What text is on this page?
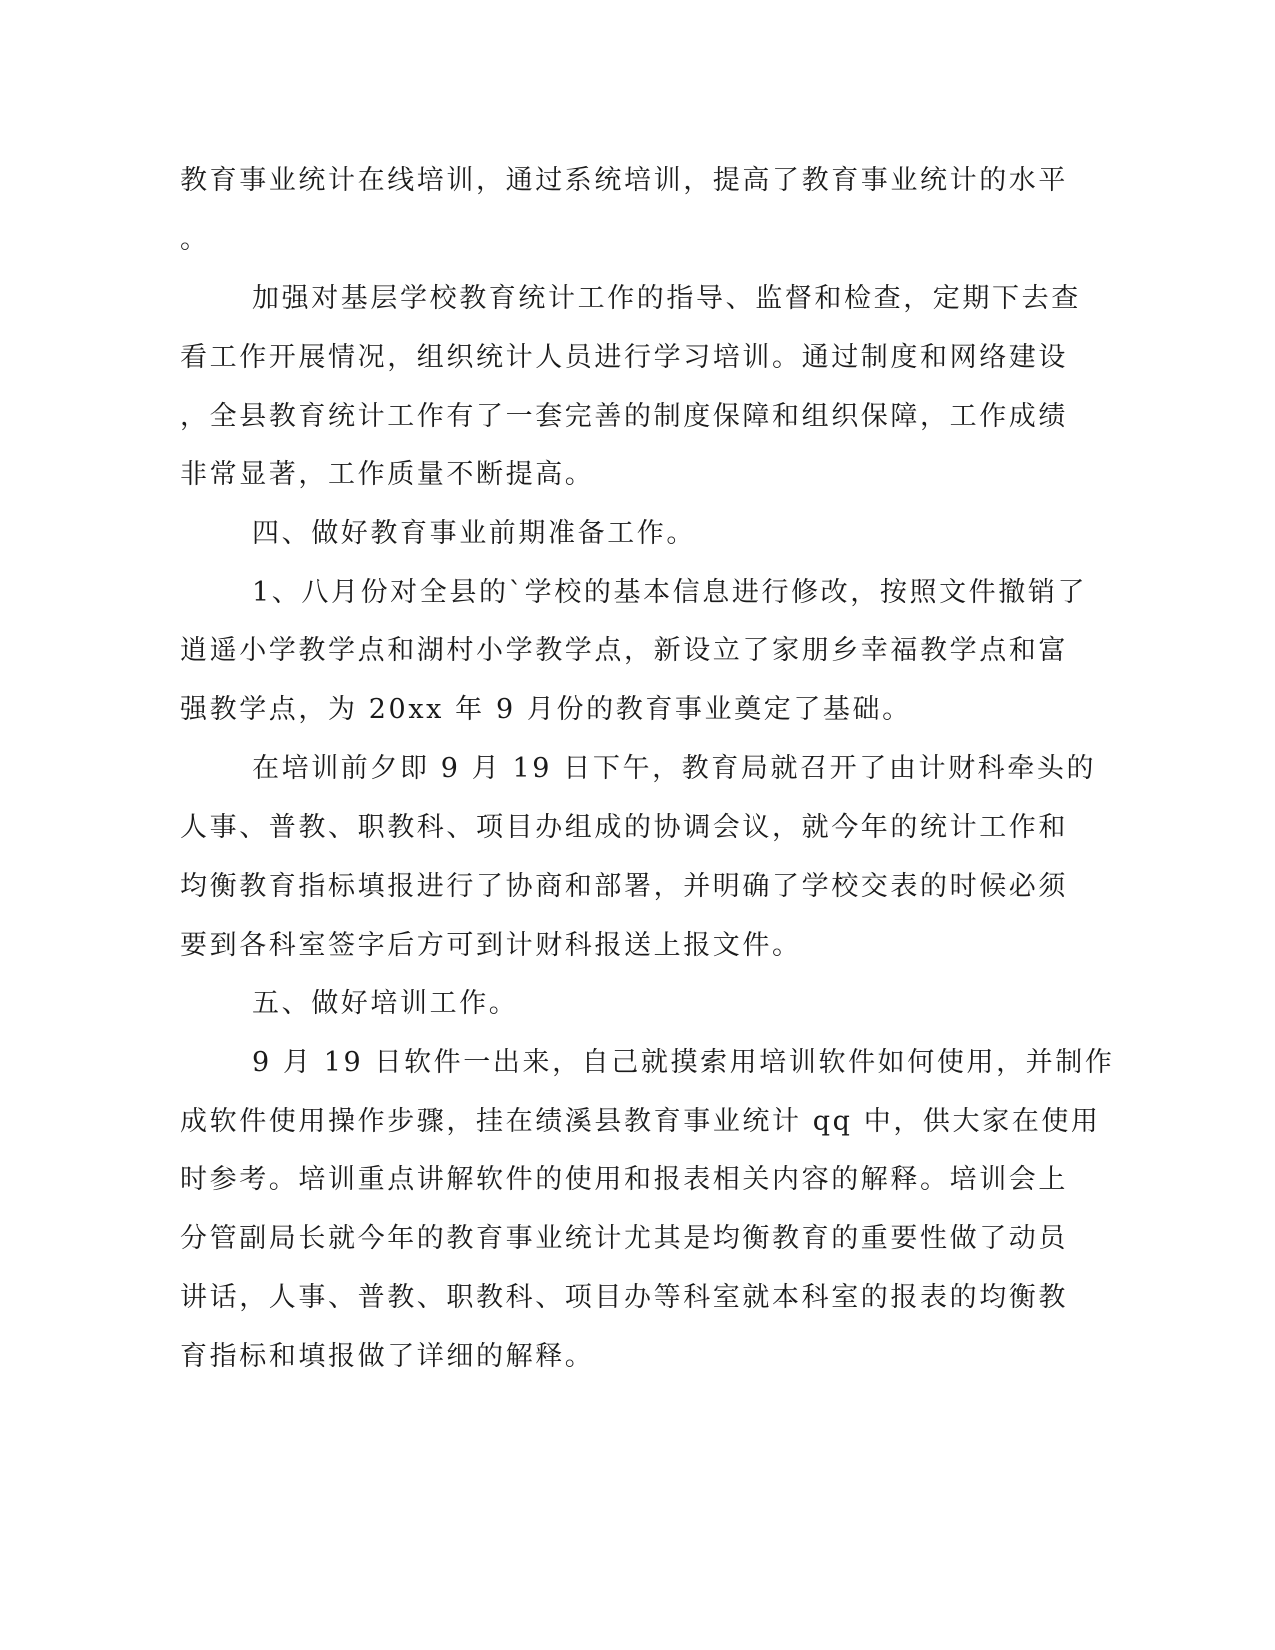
教育事业统计在线培训，通过系统培训，提高了教育事业统计的水平

。

加强对基层学校教育统计工作的指导、监督和检查，定期下去查

看工作开展情况，组织统计人员进行学习培训。通过制度和网络建设

，全县教育统计工作有了一套完善的制度保障和组织保障，工作成绩

非常显著，工作质量不断提高。

四、做好教育事业前期准备工作。

1、八月份对全县的`学校的基本信息进行修改，按照文件撤销了

逍遥小学教学点和湖村小学教学点，新设立了家朋乡幸福教学点和富

强教学点，为 20xx 年 9 月份的教育事业奠定了基础。

在培训前夕即 9 月 19 日下午，教育局就召开了由计财科牵头的

人事、普教、职教科、项目办组成的协调会议，就今年的统计工作和

均衡教育指标填报进行了协商和部署，并明确了学校交表的时候必须

要到各科室签字后方可到计财科报送上报文件。

五、做好培训工作。

9 月 19 日软件一出来，自己就摸索用培训软件如何使用，并制作

成软件使用操作步骤，挂在绩溪县教育事业统计 qq 中，供大家在使用

时参考。培训重点讲解软件的使用和报表相关内容的解释。培训会上

分管副局长就今年的教育事业统计尤其是均衡教育的重要性做了动员

讲话，人事、普教、职教科、项目办等科室就本科室的报表的均衡教

育指标和填报做了详细的解释。
